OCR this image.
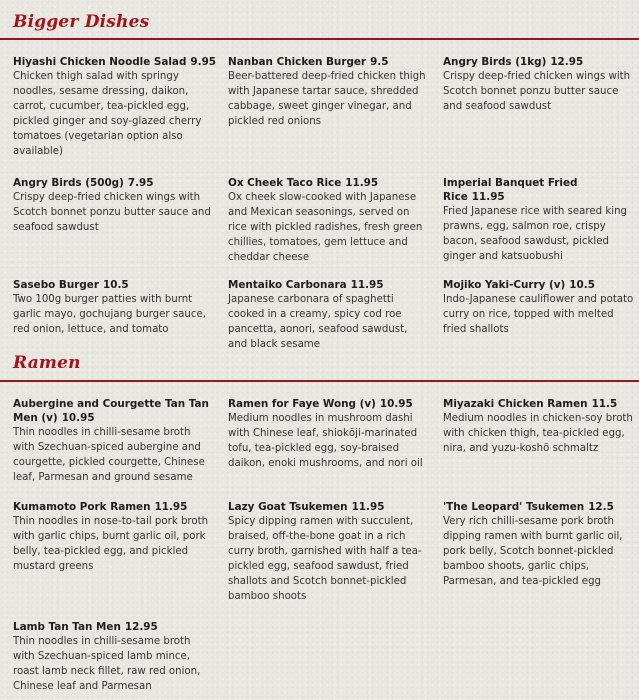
Bigger Dishes
Hiyashi Chicken Noodle Salad 9.95
Chicken thigh salad with springy noodles, sesame dressing, daikon, carrot, cucumber, tea-pickled egg, pickled ginger and soy-glazed cherry tomatoes (vegetarian option also available)
Nanban Chicken Burger 9.5
Beer-battered deep-fried chicken thigh with Japanese tartar sauce, shredded cabbage, sweet ginger vinegar, and pickled red onions
Angry Birds (1kg) 12.95
Crispy deep-fried chicken wings with Scotch bonnet ponzu butter sauce and seafood sawdust
Angry Birds (500g) 7.95
Crispy deep-fried chicken wings with Scotch bonnet ponzu butter sauce and seafood sawdust
Ox Cheek Taco Rice 11.95
Ox cheek slow-cooked with Japanese and Mexican seasonings, served on rice with pickled radishes, fresh green chillies, tomatoes, gem lettuce and cheddar cheese
Imperial Banquet Fried Rice 11.95
Fried Japanese rice with seared king prawns, egg, salmon roe, crispy bacon, seafood sawdust, pickled ginger and katsuobushi
Sasebo Burger 10.5
Two 100g burger patties with burnt garlic mayo, gochujang burger sauce, red onion, lettuce, and tomato
Mentaiko Carbonara 11.95
Japanese carbonara of spaghetti cooked in a creamy, spicy cod roe pancetta, aonori, seafood sawdust, and black sesame
Mojiko Yaki-Curry (v) 10.5
Indo-Japanese cauliflower and potato curry on rice, topped with melted fried shallots
Ramen
Aubergine and Courgette Tan Tan Men (v) 10.95
Thin noodles in chilli-sesame broth with Szechuan-spiced aubergine and courgette, pickled courgette, Chinese leaf, Parmesan and ground sesame
Ramen for Faye Wong (v) 10.95
Medium noodles in mushroom dashi with Chinese leaf, shiokōji-marinated tofu, tea-pickled egg, soy-braised daikon, enoki mushrooms, and nori oil
Miyazaki Chicken Ramen 11.5
Medium noodles in chicken-soy broth with chicken thigh, tea-pickled egg, nira, and yuzu-koshō schmaltz
Kumamoto Pork Ramen 11.95
Thin noodles in nose-to-tail pork broth with garlic chips, burnt garlic oil, pork belly, tea-pickled egg, and pickled mustard greens
Lazy Goat Tsukemen 11.95
Spicy dipping ramen with succulent, braised, off-the-bone goat in a rich curry broth, garnished with half a tea-pickled egg, seafood sawdust, fried shallots and Scotch bonnet-pickled bamboo shoots
'The Leopard' Tsukemen 12.5
Very rich chilli-sesame pork broth dipping ramen with burnt garlic oil, pork belly, Scotch bonnet-pickled bamboo shoots, garlic chips, Parmesan, and tea-pickled egg
Lamb Tan Tan Men 12.95
Thin noodles in chilli-sesame broth with Szechuan-spiced lamb mince, roast lamb neck fillet, raw red onion, Chinese leaf and Parmesan
